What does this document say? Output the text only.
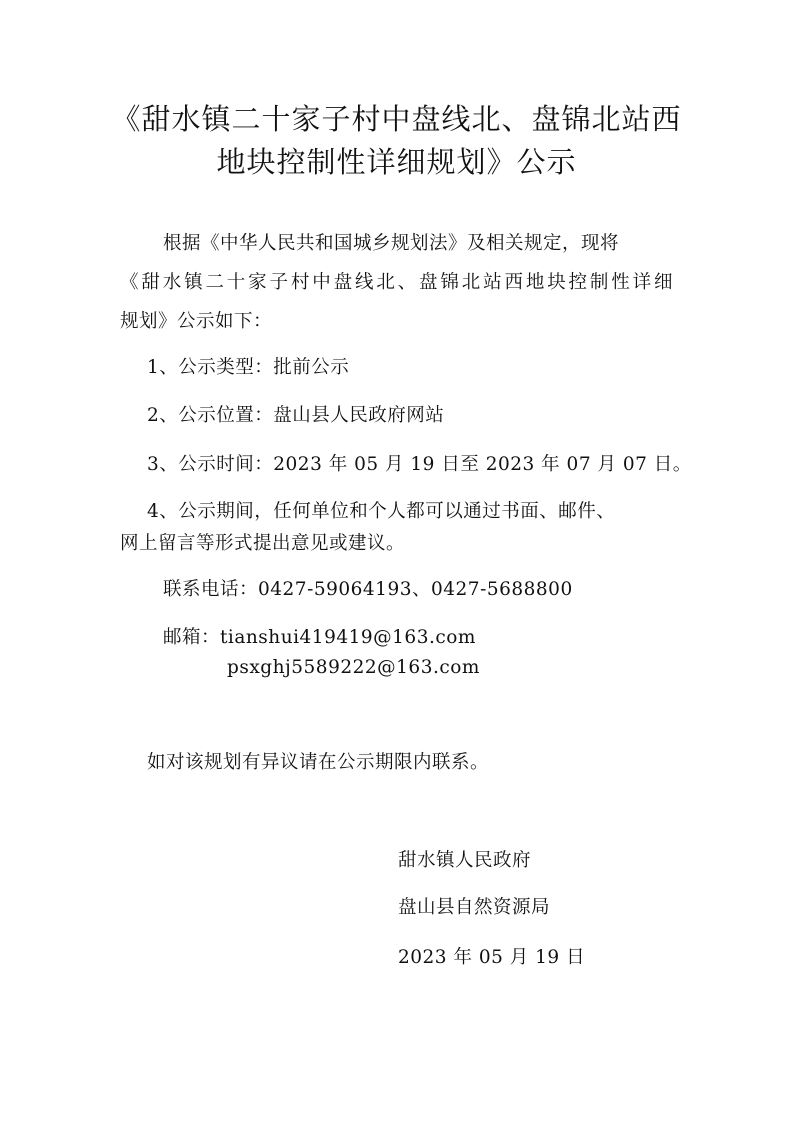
《甜水镇二十家子村中盘线北、盘锦北站西
地块控制性详细规划》公示
根据《中华人民共和国城乡规划法》及相关规定，现将
《甜水镇二十家子村中盘线北、盘锦北站西地块控制性详细
规划》公示如下：
1、公示类型：批前公示
2、公示位置：盘山县人民政府网站
3、公示时间：2023 年 05 月 19 日至 2023 年 07 月 07 日。
4、公示期间，任何单位和个人都可以通过书面、邮件、
网上留言等形式提出意见或建议。
联系电话：0427-59064193、0427-5688800
邮箱：tianshui419419@163.com
psxghj5589222@163.com
如对该规划有异议请在公示期限内联系。
甜水镇人民政府
盘山县自然资源局
2023 年 05 月 19 日
